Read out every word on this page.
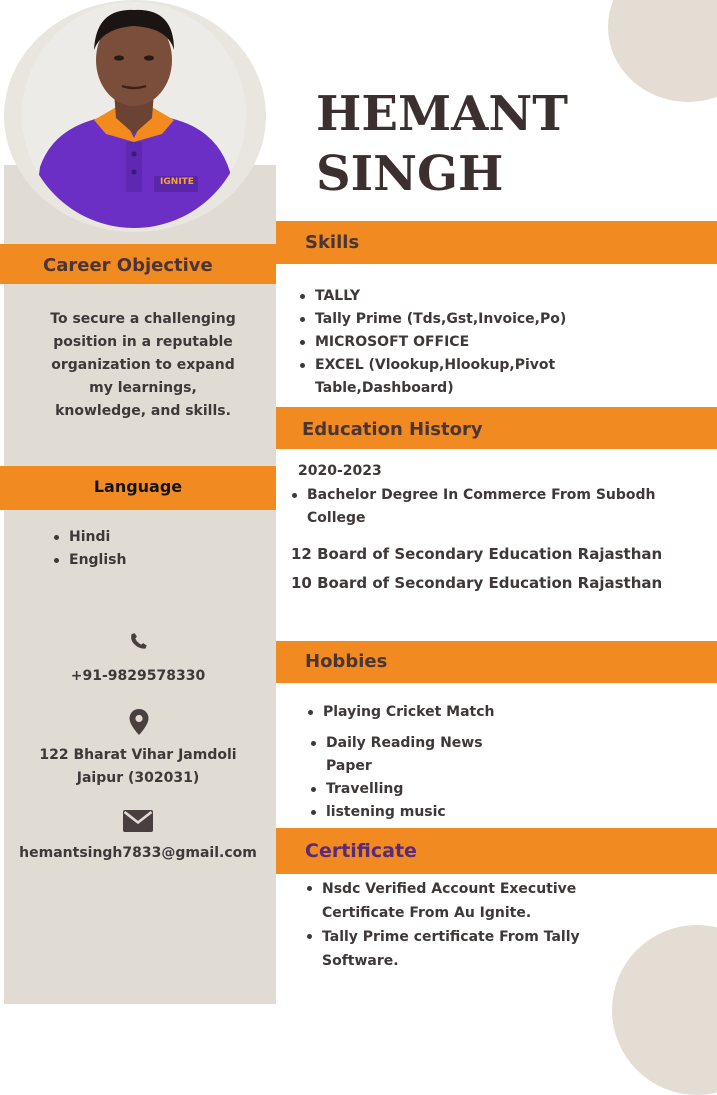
IGNITE
HEMANT
SINGH
Career Objective
To secure a challenging
position in a reputable
organization to expand
my learnings,
knowledge, and skills.
Language
Hindi
English
+91-9829578330
122 Bharat Vihar Jamdoli
Jaipur (302031)
hemantsingh7833@gmail.com
Skills
TALLY
Tally Prime (Tds,Gst,Invoice,Po)
MICROSOFT OFFICE
EXCEL (Vlookup,Hlookup,Pivot
Table,Dashboard)
Education History
2020-2023
Bachelor Degree In Commerce From Subodh
College
12 Board of Secondary Education Rajasthan
10 Board of Secondary Education Rajasthan
Hobbies
Playing Cricket Match
Daily Reading News
Paper
Travelling
listening music
Certificate
Nsdc Verified Account Executive
Certificate From Au Ignite.
Tally Prime certificate From Tally
Software.
